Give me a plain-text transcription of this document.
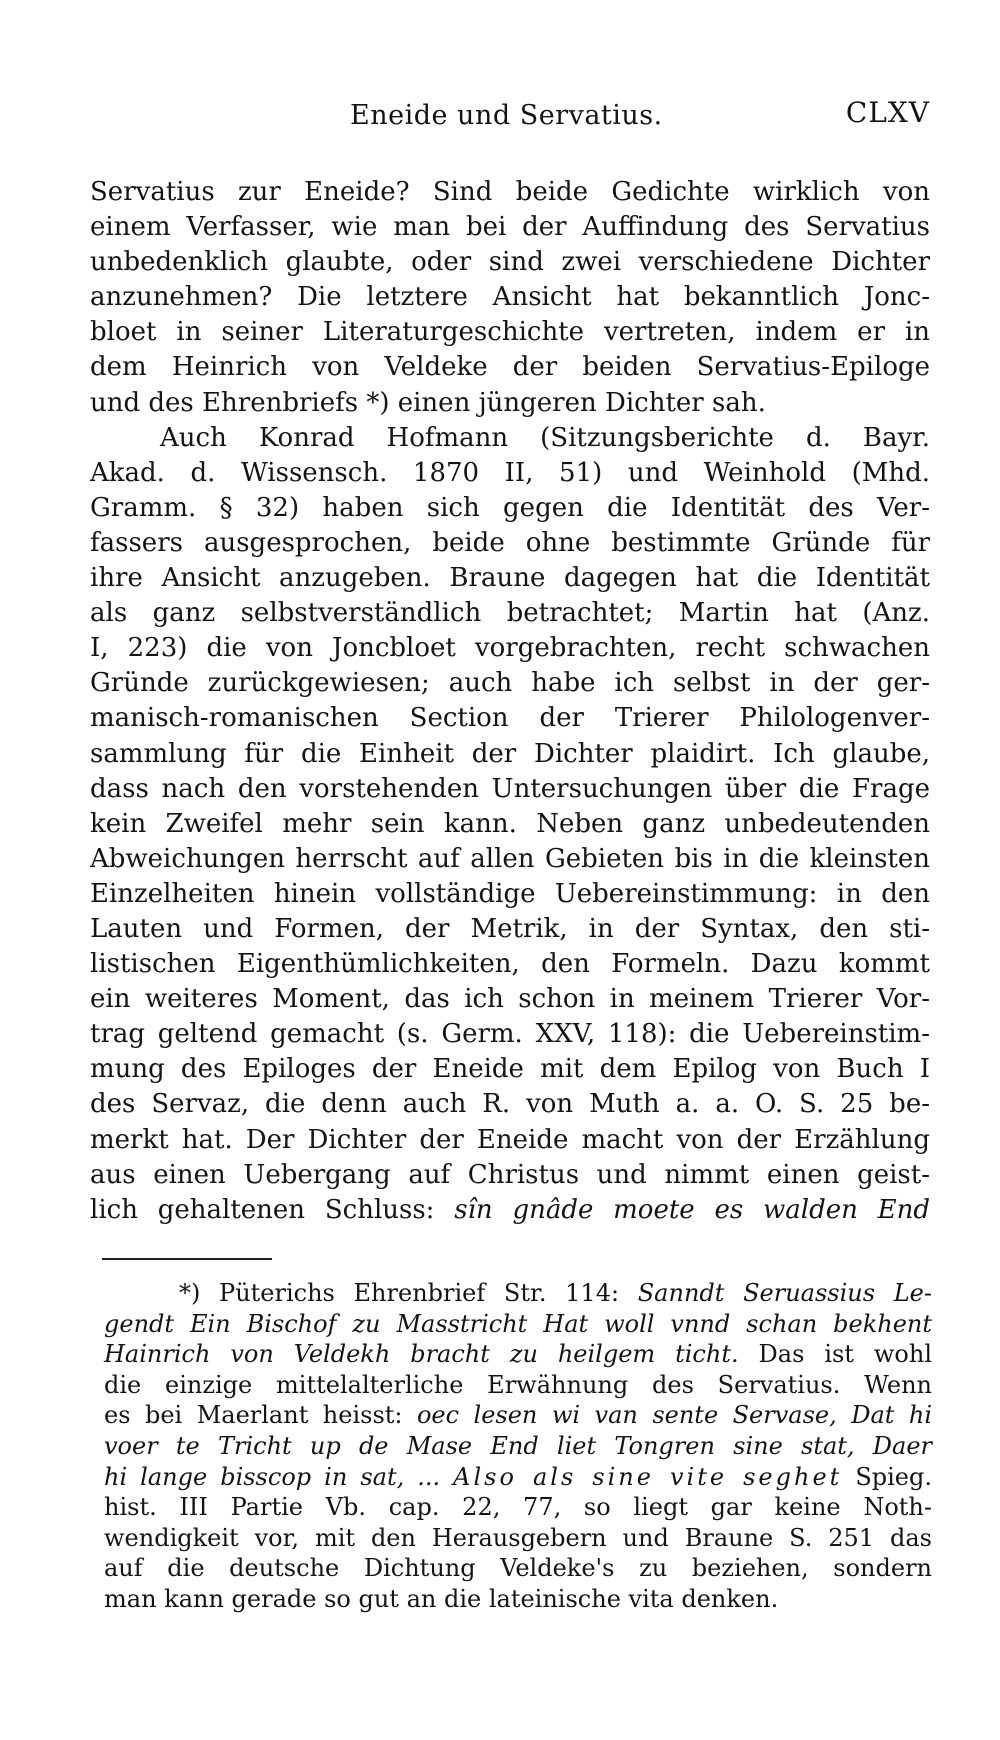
Eneide und Servatius.	CLXV
Servatius zur Eneide? Sind beide Gedichte wirklich von
einem Verfasser, wie man bei der Auffindung des Servatius
unbedenklich glaubte, oder sind zwei verschiedene Dichter
anzunehmen? Die letztere Ansicht hat bekanntlich Jonc-
bloet in seiner Literaturgeschichte vertreten, indem er in
dem Heinrich von Veldeke der beiden Servatius-Epiloge
und des Ehrenbriefs *) einen jüngeren Dichter sah.
Auch Konrad Hofmann (Sitzungsberichte d. Bayr.
Akad. d. Wissensch. 1870 II, 51) und Weinhold (Mhd.
Gramm. § 32) haben sich gegen die Identität des Ver-
fassers ausgesprochen, beide ohne bestimmte Gründe für
ihre Ansicht anzugeben. Braune dagegen hat die Identität
als ganz selbstverständlich betrachtet; Martin hat (Anz.
I, 223) die von Joncbloet vorgebrachten, recht schwachen
Gründe zurückgewiesen; auch habe ich selbst in der ger-
manisch-romanischen Section der Trierer Philologenver-
sammlung für die Einheit der Dichter plaidirt. Ich glaube,
dass nach den vorstehenden Untersuchungen über die Frage
kein Zweifel mehr sein kann. Neben ganz unbedeutenden
Abweichungen herrscht auf allen Gebieten bis in die kleinsten
Einzelheiten hinein vollständige Uebereinstimmung: in den
Lauten und Formen, der Metrik, in der Syntax, den sti-
listischen Eigenthümlichkeiten, den Formeln. Dazu kommt
ein weiteres Moment, das ich schon in meinem Trierer Vor-
trag geltend gemacht (s. Germ. XXV, 118): die Uebereinstim-
mung des Epiloges der Eneide mit dem Epilog von Buch I
des Servaz, die denn auch R. von Muth a. a. O. S. 25 be-
merkt hat. Der Dichter der Eneide macht von der Erzählung
aus einen Uebergang auf Christus und nimmt einen geist-
lich gehaltenen Schluss: sîn gnâde moete es walden End
*) Püterichs Ehrenbrief Str. 114: Sanndt Seruassius Le-
gendt Ein Bischof zu Masstricht Hat woll vnnd schan bekhent
Hainrich von Veldekh bracht zu heilgem ticht. Das ist wohl
die einzige mittelalterliche Erwähnung des Servatius. Wenn
es bei Maerlant heisst: oec lesen wi van sente Servase, Dat hi
voer te Tricht up de Mase End liet Tongren sine stat, Daer
hi lange bisscop in sat, ... Also als sine vite seghet Spieg.
hist. III Partie Vb. cap. 22, 77, so liegt gar keine Noth-
wendigkeit vor, mit den Herausgebern und Braune S. 251 das
auf die deutsche Dichtung Veldeke's zu beziehen, sondern
man kann gerade so gut an die lateinische vita denken.
